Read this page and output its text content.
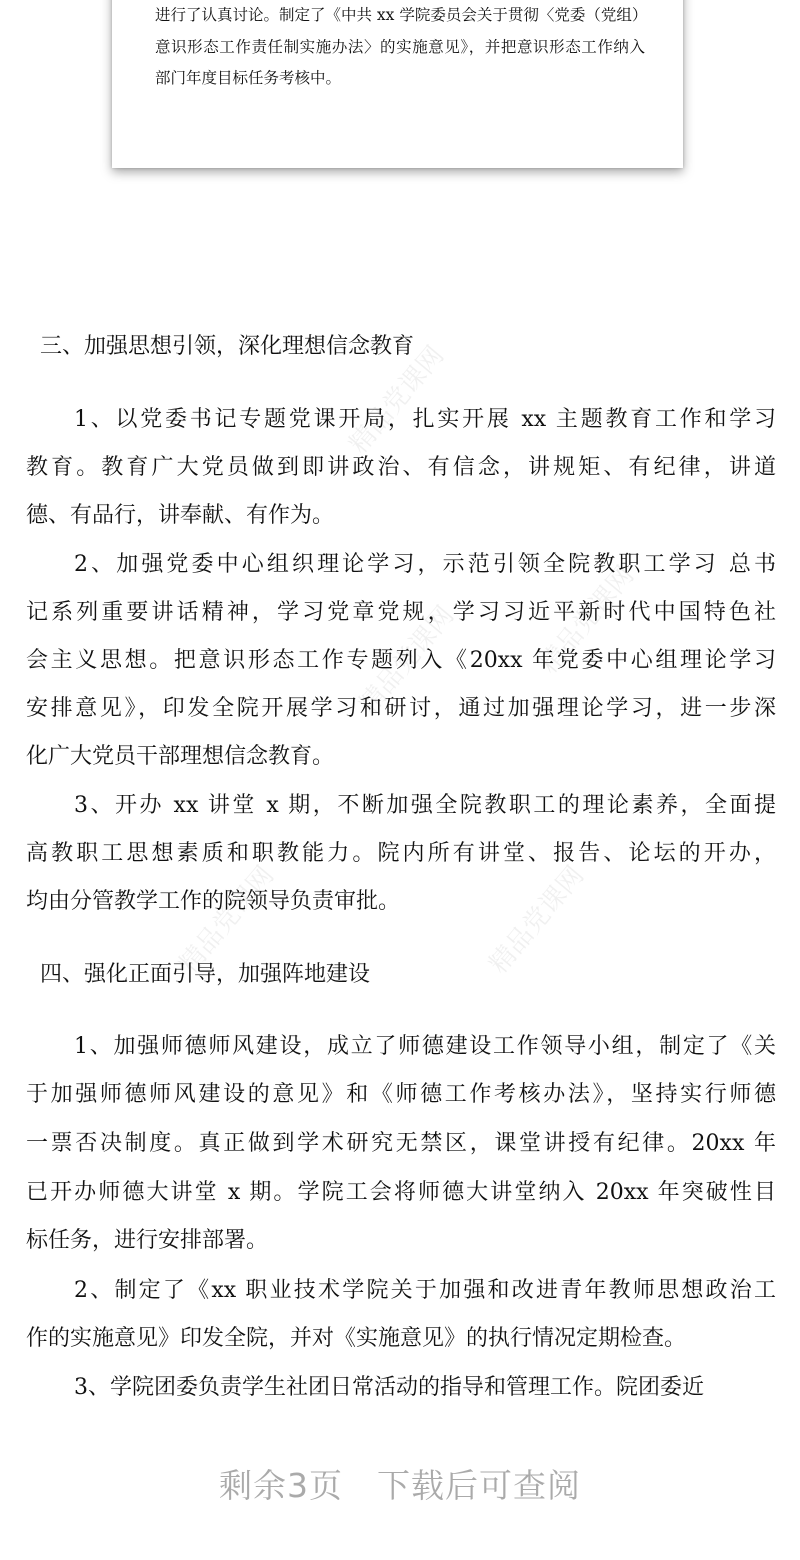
进行了认真讨论。制定了《中共 xx 学院委员会关于贯彻〈党委（党组）
意识形态工作责任制实施办法〉的实施意见》，并把意识形态工作纳入
部门年度目标任务考核中。
精品党课网
精品党课网
精品党课网
精品党课网
精品党课网
三、加强思想引领，深化理想信念教育
1、以党委书记专题党课开局，扎实开展 xx 主题教育工作和学习
教育。教育广大党员做到即讲政治、有信念，讲规矩、有纪律，讲道
德、有品行，讲奉献、有作为。
2、加强党委中心组织理论学习，示范引领全院教职工学习 总书
记系列重要讲话精神，学习党章党规，学习习近平新时代中国特色社
会主义思想。把意识形态工作专题列入《20xx 年党委中心组理论学习
安排意见》，印发全院开展学习和研讨，通过加强理论学习，进一步深
化广大党员干部理想信念教育。
3、开办 xx 讲堂 x 期，不断加强全院教职工的理论素养，全面提
高教职工思想素质和职教能力。院内所有讲堂、报告、论坛的开办，
均由分管教学工作的院领导负责审批。
四、强化正面引导，加强阵地建设
1、加强师德师风建设，成立了师德建设工作领导小组，制定了《关
于加强师德师风建设的意见》和《师德工作考核办法》，坚持实行师德
一票否决制度。真正做到学术研究无禁区，课堂讲授有纪律。20xx 年
已开办师德大讲堂 x 期。学院工会将师德大讲堂纳入 20xx 年突破性目
标任务，进行安排部署。
2、制定了《xx 职业技术学院关于加强和改进青年教师思想政治工
作的实施意见》印发全院，并对《实施意见》的执行情况定期检查。
3、学院团委负责学生社团日常活动的指导和管理工作。院团委近
剩余3页　下载后可查阅
